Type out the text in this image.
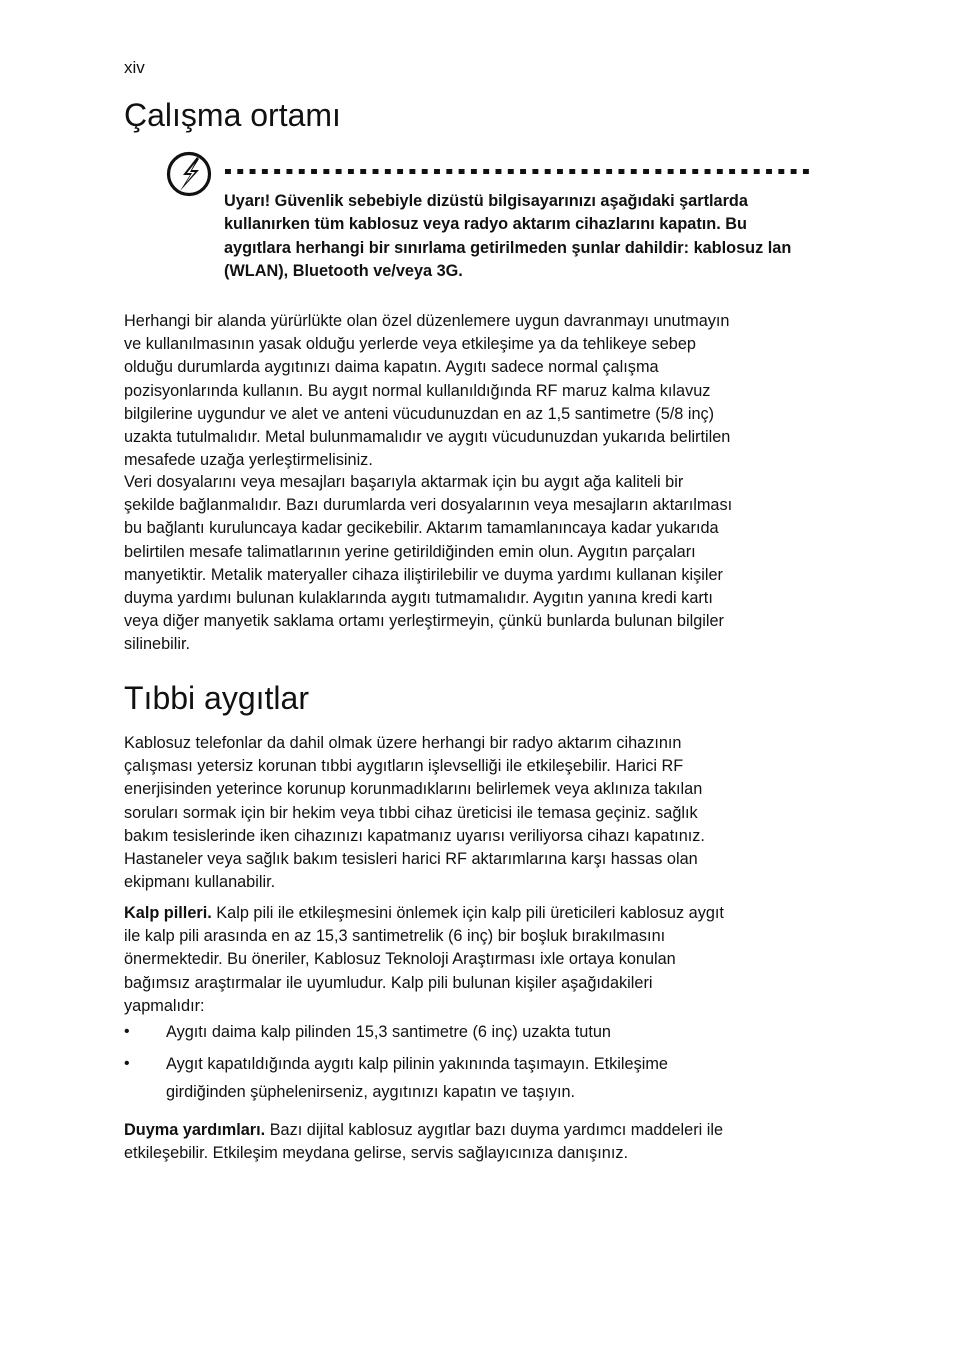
xiv
Çalışma ortamı
Uyarı! Güvenlik sebebiyle dizüstü bilgisayarınızı aşağıdaki şartlarda kullanırken tüm kablosuz veya radyo aktarım cihazlarını kapatın. Bu aygıtlara herhangi bir sınırlama getirilmeden şunlar dahildir: kablosuz lan (WLAN), Bluetooth ve/veya 3G.
Herhangi bir alanda yürürlükte olan özel düzenlemere uygun davranmayı unutmayın
ve kullanılmasının yasak olduğu yerlerde veya etkileşime ya da tehlikeye sebep
olduğu durumlarda aygıtınızı daima kapatın. Aygıtı sadece normal çalışma
pozisyonlarında kullanın. Bu aygıt normal kullanıldığında RF maruz kalma kılavuz
bilgilerine uygundur ve alet ve anteni vücudunuzdan en az 1,5 santimetre (5/8 inç)
uzakta tutulmalıdır. Metal bulunmamalıdır ve aygıtı vücudunuzdan yukarıda belirtilen
mesafede uzağa yerleştirmelisiniz.
Veri dosyalarını veya mesajları başarıyla aktarmak için bu aygıt ağa kaliteli bir
şekilde bağlanmalıdır. Bazı durumlarda veri dosyalarının veya mesajların aktarılması
bu bağlantı kuruluncaya kadar gecikebilir. Aktarım tamamlanıncaya kadar yukarıda
belirtilen mesafe talimatlarının yerine getirildiğinden emin olun. Aygıtın parçaları
manyetiktir. Metalik materyaller cihaza iliştirilebilir ve duyma yardımı kullanan kişiler
duyma yardımı bulunan kulaklarında aygıtı tutmamalıdır. Aygıtın yanına kredi kartı
veya diğer manyetik saklama ortamı yerleştirmeyin, çünkü bunlarda bulunan bilgiler
silinebilir.
Tıbbi aygıtlar
Kablosuz telefonlar da dahil olmak üzere herhangi bir radyo aktarım cihazının
çalışması yetersiz korunan tıbbi aygıtların işlevselliği ile etkileşebilir. Harici RF
enerjisinden yeterince korunup korunmadıklarını belirlemek veya aklınıza takılan
soruları sormak için bir hekim veya tıbbi cihaz üreticisi ile temasa geçiniz. sağlık
bakım tesislerinde iken cihazınızı kapatmanız uyarısı veriliyorsa cihazı kapatınız.
Hastaneler veya sağlık bakım tesisleri harici RF aktarımlarına karşı hassas olan
ekipmanı kullanabilir.
Kalp pilleri. Kalp pili ile etkileşmesini önlemek için kalp pili üreticileri kablosuz aygıt
ile kalp pili arasında en az 15,3 santimetrelik (6 inç) bir boşluk bırakılmasını
önermektedir. Bu öneriler, Kablosuz Teknoloji Araştırması ixle ortaya konulan
bağımsız araştırmalar ile uyumludur. Kalp pili bulunan kişiler aşağıdakileri
yapmalıdır:
•	Aygıtı daima kalp pilinden 15,3 santimetre (6 inç) uzakta tutun
•	Aygıt kapatıldığında aygıtı kalp pilinin yakınında taşımayın. Etkileşime
girdiğinden şüphelenirseniz, aygıtınızı kapatın ve taşıyın.
Duyma yardımları. Bazı dijital kablosuz aygıtlar bazı duyma yardımcı maddeleri ile
etkileşebilir. Etkileşim meydana gelirse, servis sağlayıcınıza danışınız.
